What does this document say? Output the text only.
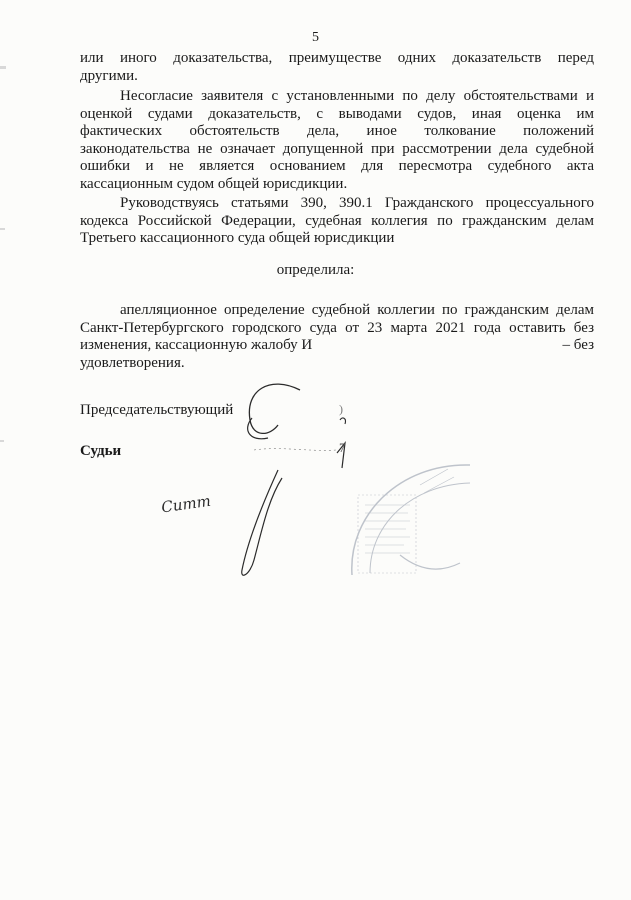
5
или иного доказательства, преимуществе одних доказательств перед
другими.
Несогласие заявителя с установленными по делу обстоятельствами и
оценкой судами доказательств, с выводами судов, иная оценка им
фактических обстоятельств дела, иное толкование положений
законодательства не означает допущенной при рассмотрении дела судебной
ошибки и не является основанием для пересмотра судебного акта
кассационным судом общей юрисдикции.
Руководствуясь статьями 390, 390.1 Гражданского процессуального
кодекса Российской Федерации, судебная коллегия по гражданским делам
Третьего кассационного суда общей юрисдикции
определила:
апелляционное определение судебной коллегии по гражданским делам
Санкт-Петербургского городского суда от 23 марта 2021 года оставить без
изменения, кассационную жалобу И	– без
удовлетворения.
Председательствующий
Судьи
Ситт
)
7
